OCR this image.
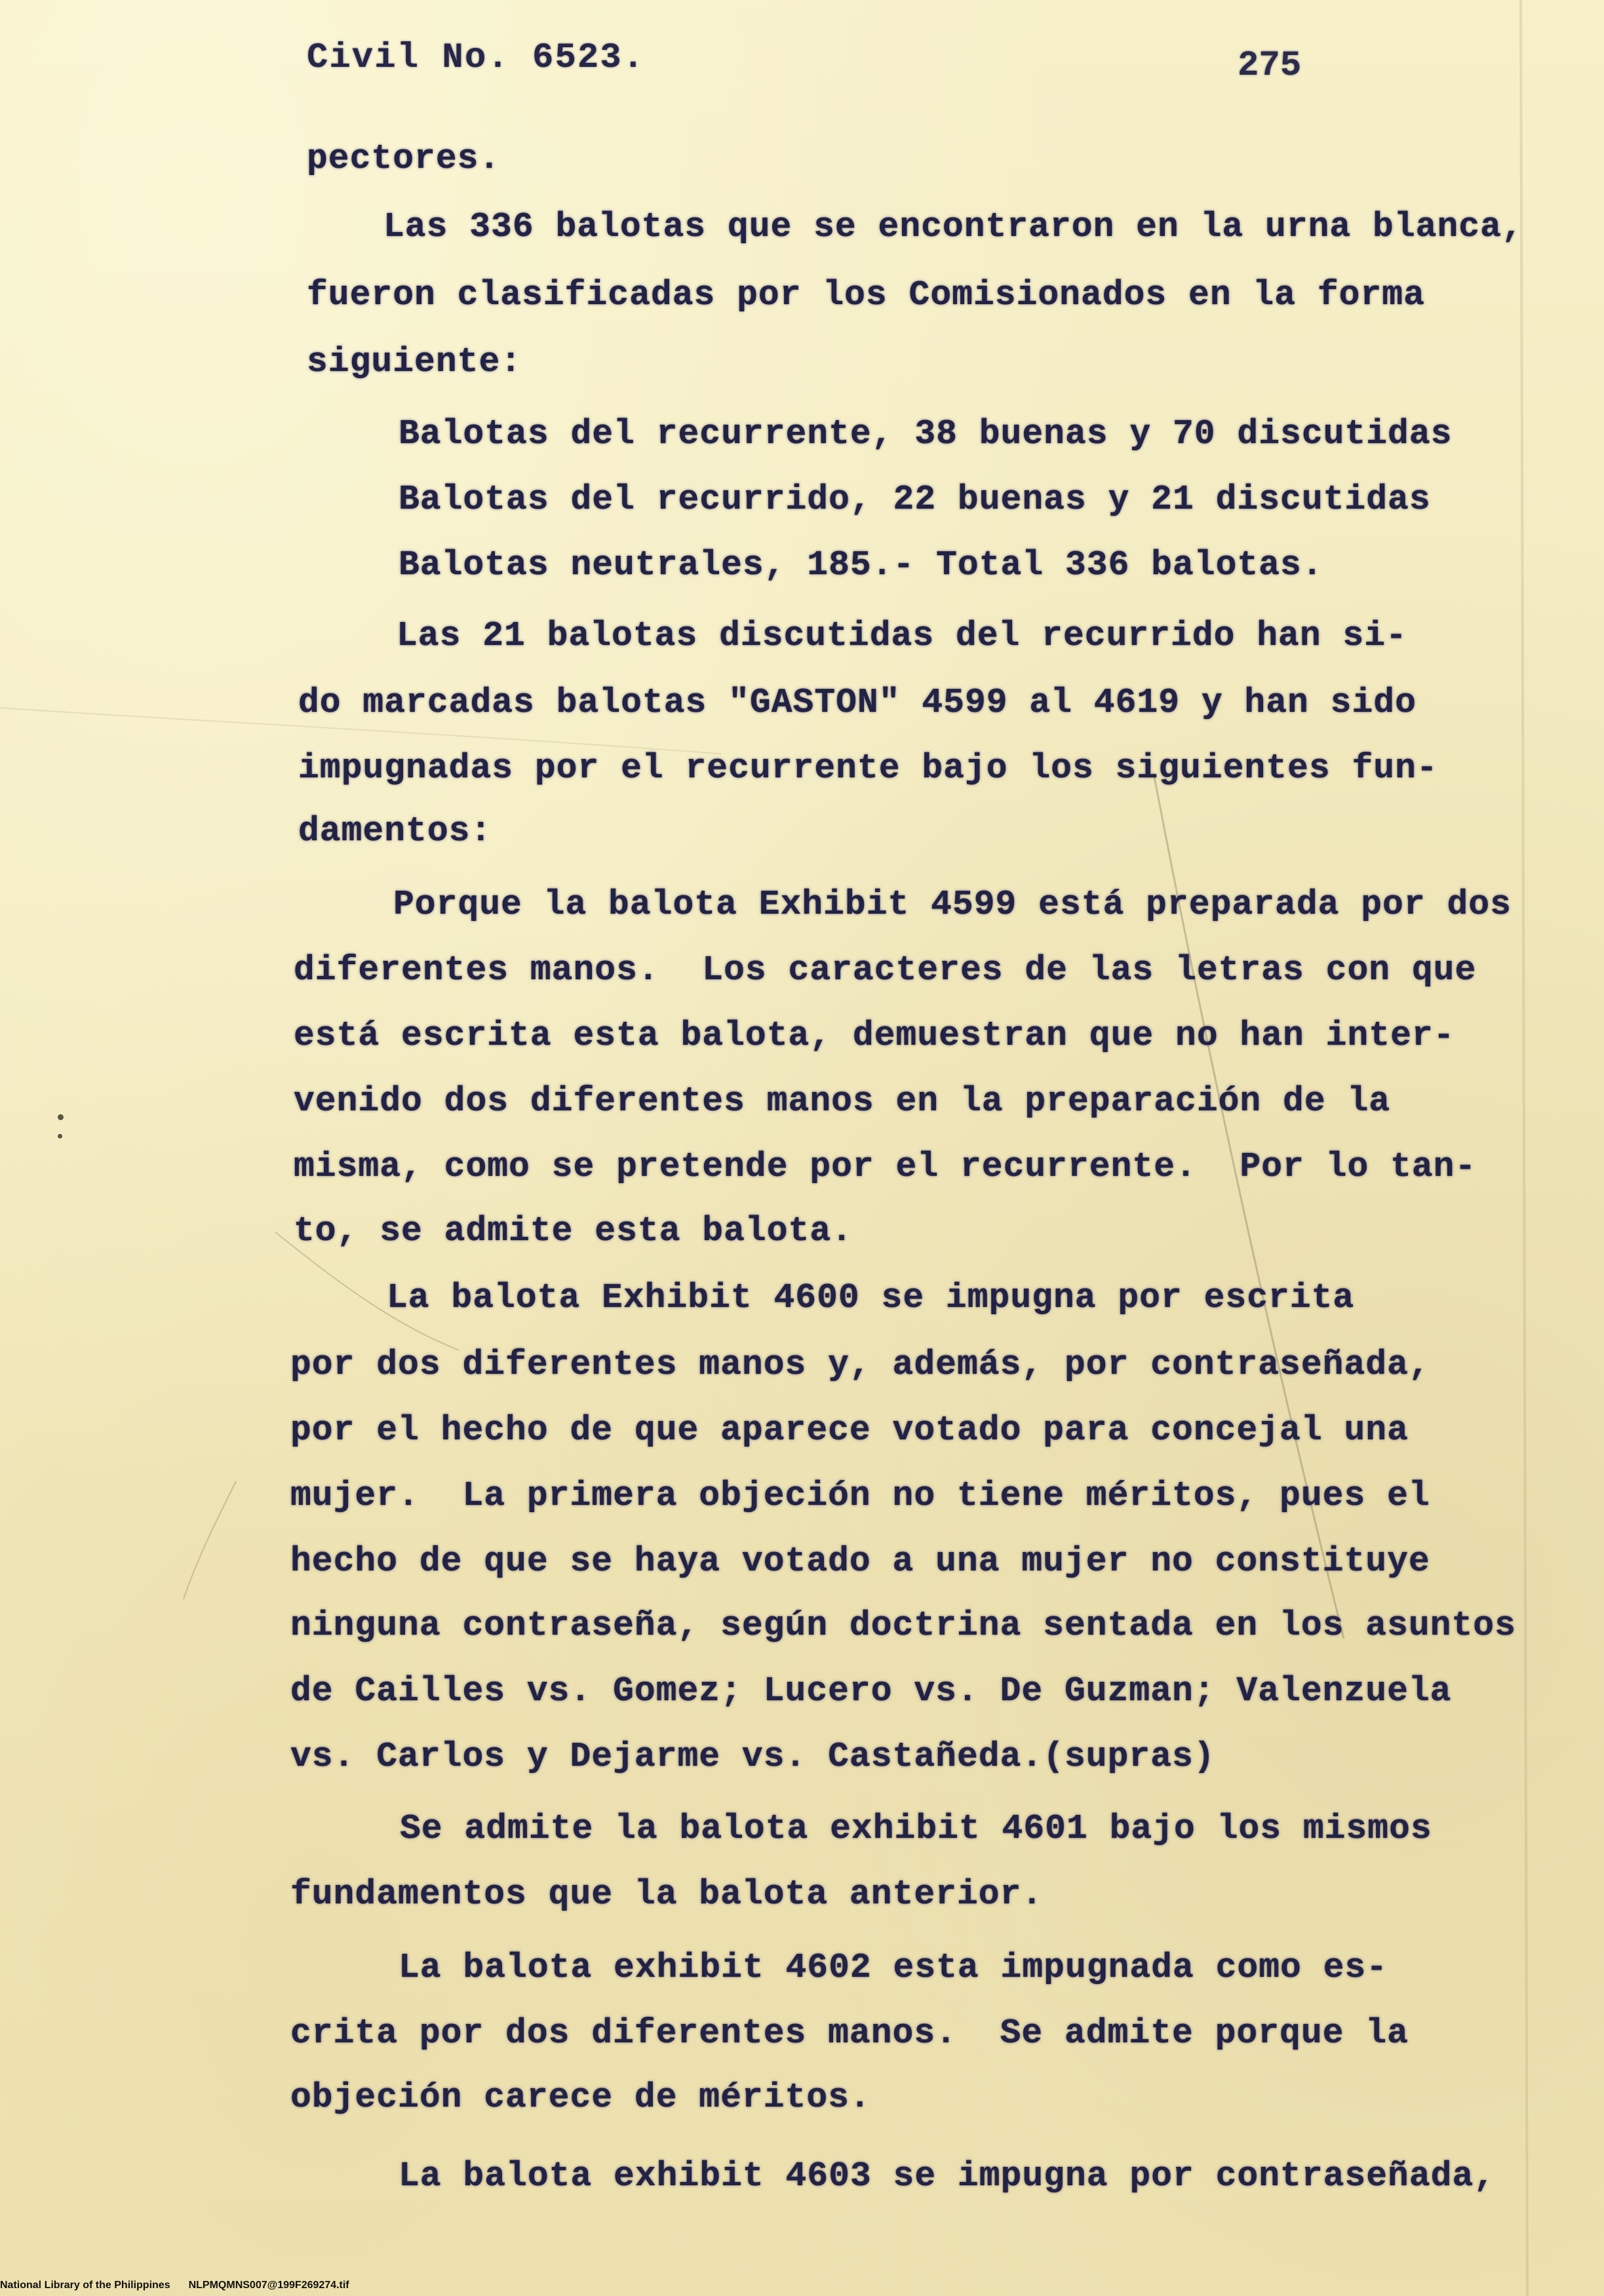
Civil No. 6523.	275
pectores.
Las 336 balotas que se encontraron en la urna blanca,
fueron clasificadas por los Comisionados en la forma
siguiente:
Balotas del recurrente, 38 buenas y 70 discutidas
Balotas del recurrido, 22 buenas y 21 discutidas
Balotas neutrales, 185.- Total 336 balotas.
Las 21 balotas discutidas del recurrido han si-
do marcadas balotas "GASTON" 4599 al 4619 y han sido
impugnadas por el recurrente bajo los siguientes fun-
damentos:
Porque la balota Exhibit 4599 está preparada por dos
diferentes manos.  Los caracteres de las letras con que
está escrita esta balota, demuestran que no han inter-
venido dos diferentes manos en la preparación de la
misma, como se pretende por el recurrente.  Por lo tan-
to, se admite esta balota.
La balota Exhibit 4600 se impugna por escrita
por dos diferentes manos y, además, por contraseñada,
por el hecho de que aparece votado para concejal una
mujer.  La primera objeción no tiene méritos, pues el
hecho de que se haya votado a una mujer no constituye
ninguna contraseña, según doctrina sentada en los asuntos
de Cailles vs. Gomez; Lucero vs. De Guzman; Valenzuela
vs. Carlos y Dejarme vs. Castañeda.(supras)
Se admite la balota exhibit 4601 bajo los mismos
fundamentos que la balota anterior.
La balota exhibit 4602 esta impugnada como es-
crita por dos diferentes manos.  Se admite porque la
objeción carece de méritos.
La balota exhibit 4603 se impugna por contraseñada,
National Library of the Philippines NLPMQMNS007@199F269274.tif
